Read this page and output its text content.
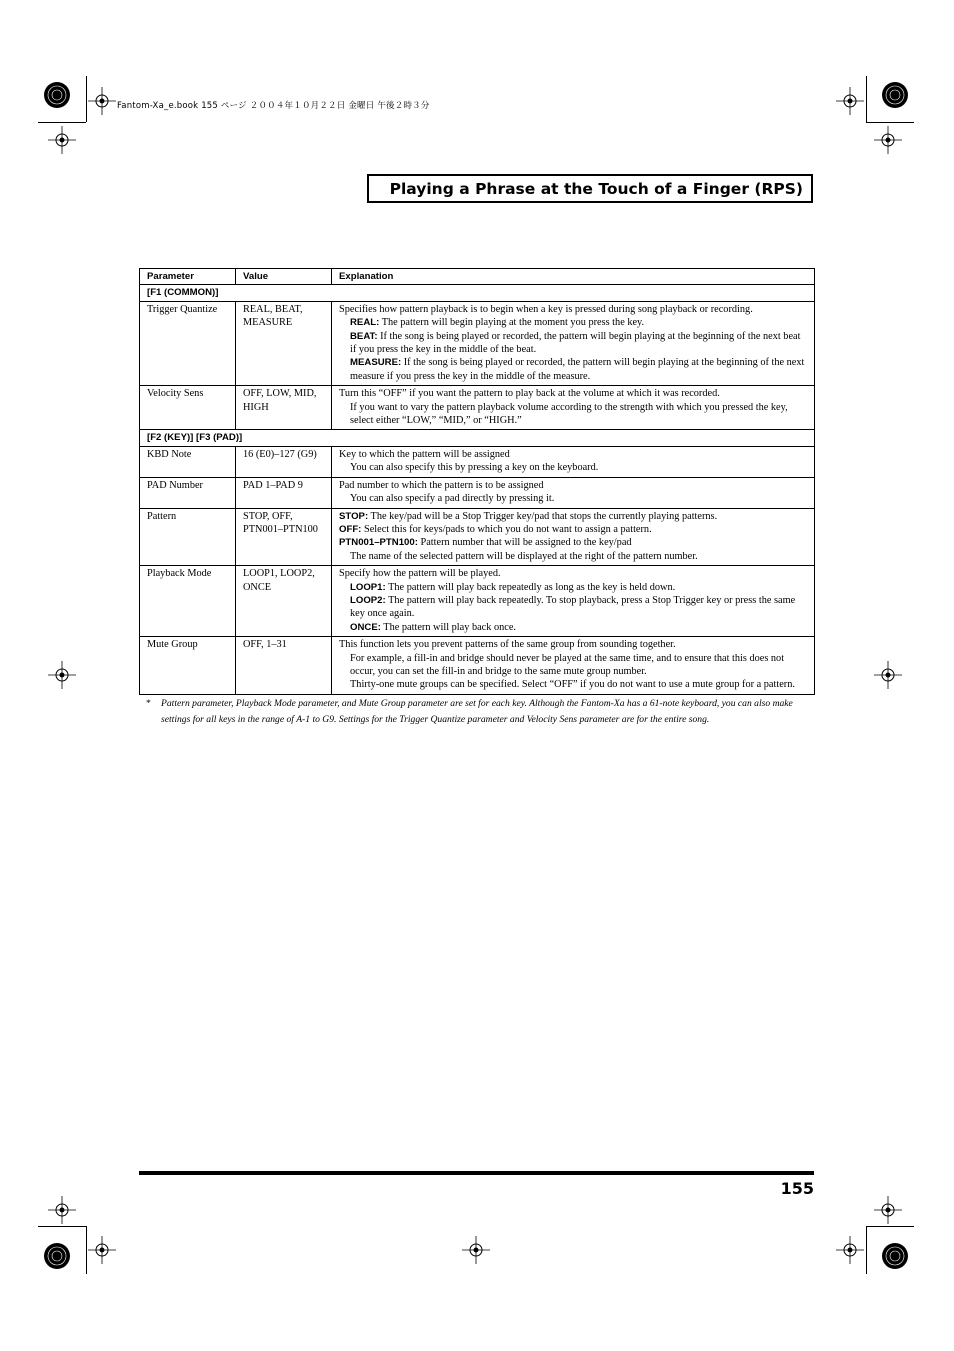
Fantom-Xa_e.book 155 ページ ２００４年１０月２２日 金曜日 午後２時３分
Playing a Phrase at the Touch of a Finger (RPS)
Parameter	Value	Explanation
[F1 (COMMON)]		
Trigger Quantize	REAL, BEAT, MEASURE	Specifies how pattern playback is to begin when a key is pressed during song playback or recording.
REAL: The pattern will begin playing at the moment you press the key.
BEAT: If the song is being played or recorded, the pattern will begin playing at the beginning of the next beat if you press the key in the middle of the beat.
MEASURE: If the song is being played or recorded, the pattern will begin playing at the beginning of the next measure if you press the key in the middle of the measure.

Velocity Sens	OFF, LOW, MID, HIGH	Turn this “OFF” if you want the pattern to play back at the volume at which it was recorded.
If you want to vary the pattern playback volume according to the strength with which you pressed the key, select either “LOW,” “MID,” or “HIGH.”

[F2 (KEY)] [F3 (PAD)]		
KBD Note	16 (E0)–127 (G9)	Key to which the pattern will be assigned
You can also specify this by pressing a key on the keyboard.

PAD Number	PAD 1–PAD 9	Pad number to which the pattern is to be assigned
You can also specify a pad directly by pressing it.

Pattern	STOP, OFF, PTN001–PTN100	STOP: The key/pad will be a Stop Trigger key/pad that stops the currently playing patterns.
OFF: Select this for keys/pads to which you do not want to assign a pattern.
PTN001–PTN100: Pattern number that will be assigned to the key/pad
The name of the selected pattern will be displayed at the right of the pattern number.

Playback Mode	LOOP1, LOOP2, ONCE	Specify how the pattern will be played.
LOOP1: The pattern will play back repeatedly as long as the key is held down.
LOOP2: The pattern will play back repeatedly. To stop playback, press a Stop Trigger key or press the same key once again.
ONCE: The pattern will play back once.

Mute Group	OFF, 1–31	This function lets you prevent patterns of the same group from sounding together.
For example, a fill-in and bridge should never be played at the same time, and to ensure that this does not occur, you can set the fill-in and bridge to the same mute group number.
Thirty-one mute groups can be specified. Select “OFF” if you do not want to use a mute group for a pattern.
*	Pattern parameter, Playback Mode parameter, and Mute Group parameter are set for each key. Although the Fantom-Xa has a 61-note keyboard, you can also make settings for all keys in the range of A-1 to G9. Settings for the Trigger Quantize parameter and Velocity Sens parameter are for the entire song.
155
